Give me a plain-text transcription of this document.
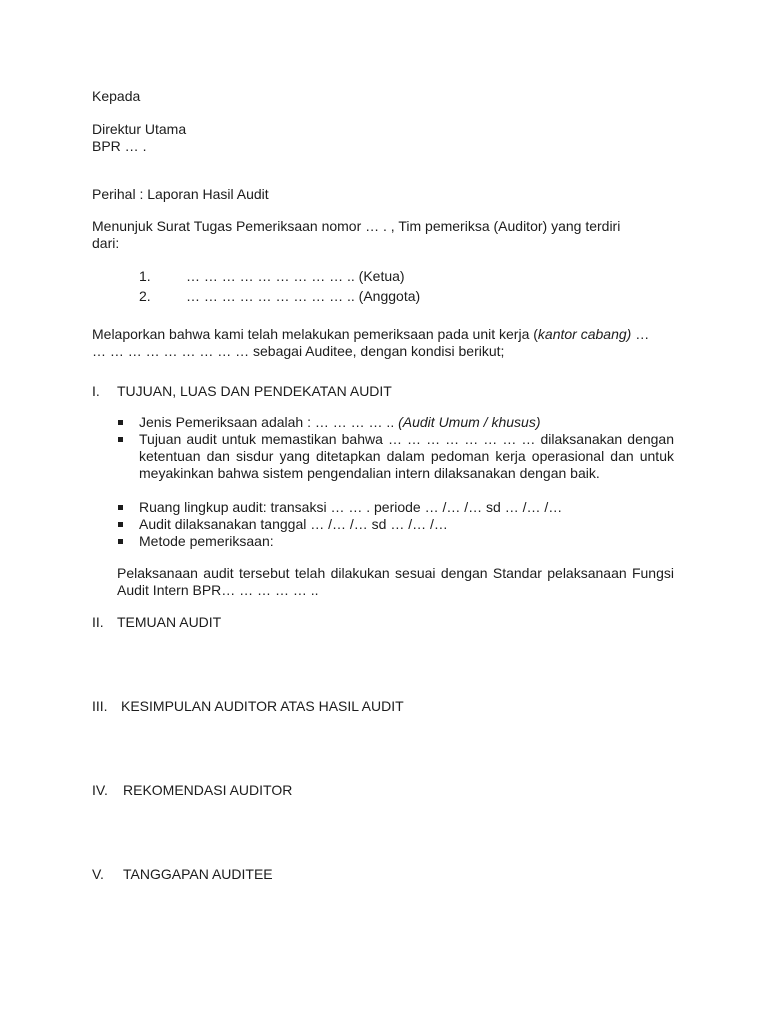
Kepada
Direktur Utama
BPR … .
Perihal : Laporan Hasil Audit
Menunjuk Surat Tugas Pemeriksaan nomor … . , Tim pemeriksa (Auditor) yang terdiri dari:
1.	… … … … … … … … … .. (Ketua)
2.	… … … … … … … … … .. (Anggota)
Melaporkan bahwa kami telah melakukan pemeriksaan pada unit kerja (kantor cabang) … … … … … … … … … … sebagai Auditee, dengan kondisi berikut;
I. TUJUAN, LUAS DAN PENDEKATAN AUDIT
Jenis Pemeriksaan adalah : … … … … .. (Audit Umum / khusus)
Tujuan audit untuk memastikan bahwa … … … … … … … … dilaksanakan dengan ketentuan dan sisdur yang ditetapkan dalam pedoman kerja operasional dan untuk meyakinkan bahwa sistem pengendalian intern dilaksanakan dengan baik.
Ruang lingkup audit: transaksi … … . periode … /… /… sd … /… /…
Audit dilaksanakan tanggal … /… /… sd … /… /…
Metode pemeriksaan:
Pelaksanaan audit tersebut telah dilakukan sesuai dengan Standar pelaksanaan Fungsi Audit Intern BPR… … … … … ..
II. TEMUAN AUDIT
III. KESIMPULAN AUDITOR ATAS HASIL AUDIT
IV. REKOMENDASI AUDITOR
V. TANGGAPAN AUDITEE
